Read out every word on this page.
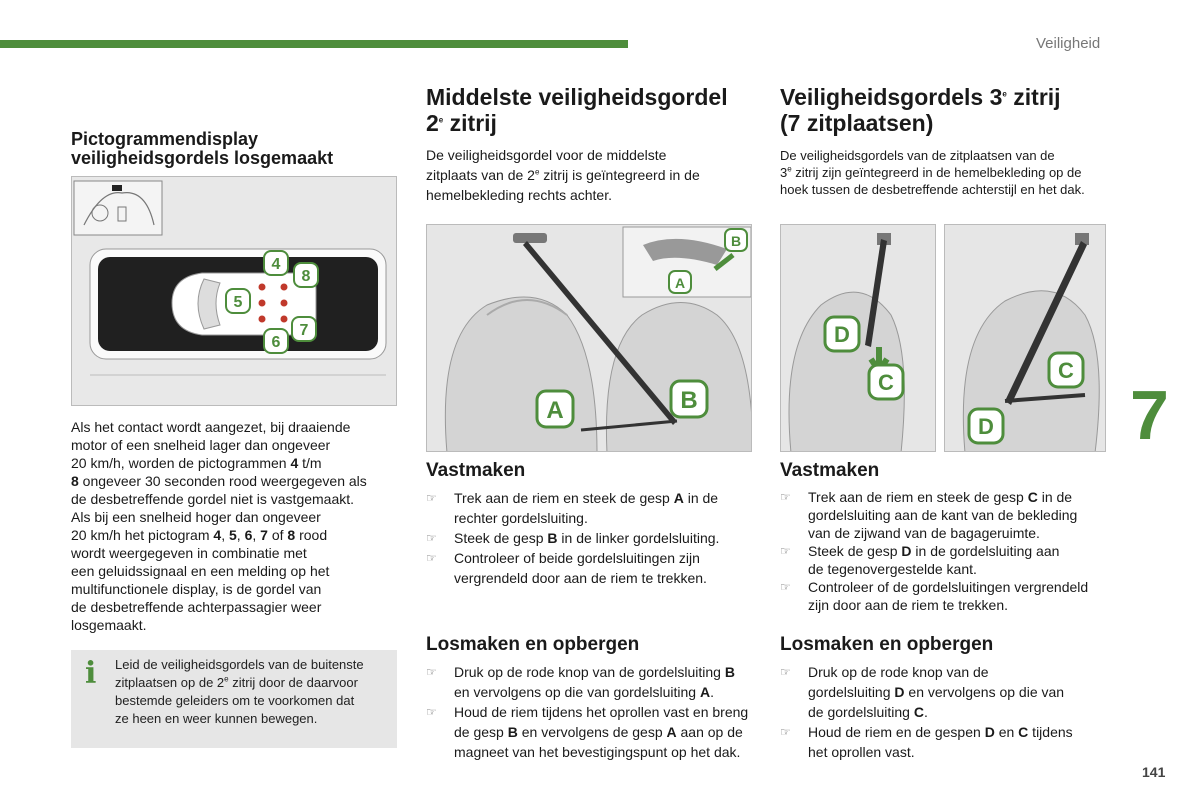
Veiligheid
7
141
Pictogrammendisplay
veiligheidsgordels losgemaakt
4
8
5
7
6
Als het contact wordt aangezet, bij draaiende
motor of een snelheid lager dan ongeveer
20 km/h, worden de pictogrammen 4 t/m
8 ongeveer 30 seconden rood weergegeven als
de desbetreffende gordel niet is vastgemaakt.
Als bij een snelheid hoger dan ongeveer
20 km/h het pictogram 4, 5, 6, 7 of 8 rood
wordt weergegeven in combinatie met
een geluidssignaal en een melding op het
multifunctionele display, is de gordel van
de desbetreffende achterpassagier weer
losgemaakt.
i Leid de veiligheidsgordels van de buitenste
zitplaatsen op de 2e zitrij door de daarvoor
bestemde geleiders om te voorkomen dat
ze heen en weer kunnen bewegen.
Middelste veiligheidsgordel
2e zitrij
De veiligheidsgordel voor de middelste
zitplaats van de 2e zitrij is geïntegreerd in de
hemelbekleding rechts achter.
A
B
A	B
Vastmaken
☞ Trek aan de riem en steek de gesp A in de
rechter gordelsluiting.
☞ Steek de gesp B in de linker gordelsluiting.
☞ Controleer of beide gordelsluitingen zijn
vergrendeld door aan de riem te trekken.
Losmaken en opbergen
☞ Druk op de rode knop van de gordelsluiting B
en vervolgens op die van gordelsluiting A.
☞ Houd de riem tijdens het oprollen vast en breng
de gesp B en vervolgens de gesp A aan op de
magneet van het bevestigingspunt op het dak.
Veiligheidsgordels 3e zitrij
(7 zitplaatsen)
De veiligheidsgordels van de zitplaatsen van de
3e zitrij zijn geïntegreerd in de hemelbekleding op de
hoek tussen de desbetreffende achterstijl en het dak.
D
C	C
D
Vastmaken
☞ Trek aan de riem en steek de gesp C in de
gordelsluiting aan de kant van de bekleding
van de zijwand van de bagageruimte.
☞ Steek de gesp D in de gordelsluiting aan
de tegenovergestelde kant.
☞ Controleer of de gordelsluitingen vergrendeld
zijn door aan de riem te trekken.
Losmaken en opbergen
☞ Druk op de rode knop van de
gordelsluiting D en vervolgens op die van
de gordelsluiting C.
☞ Houd de riem en de gespen D en C tijdens
het oprollen vast.
